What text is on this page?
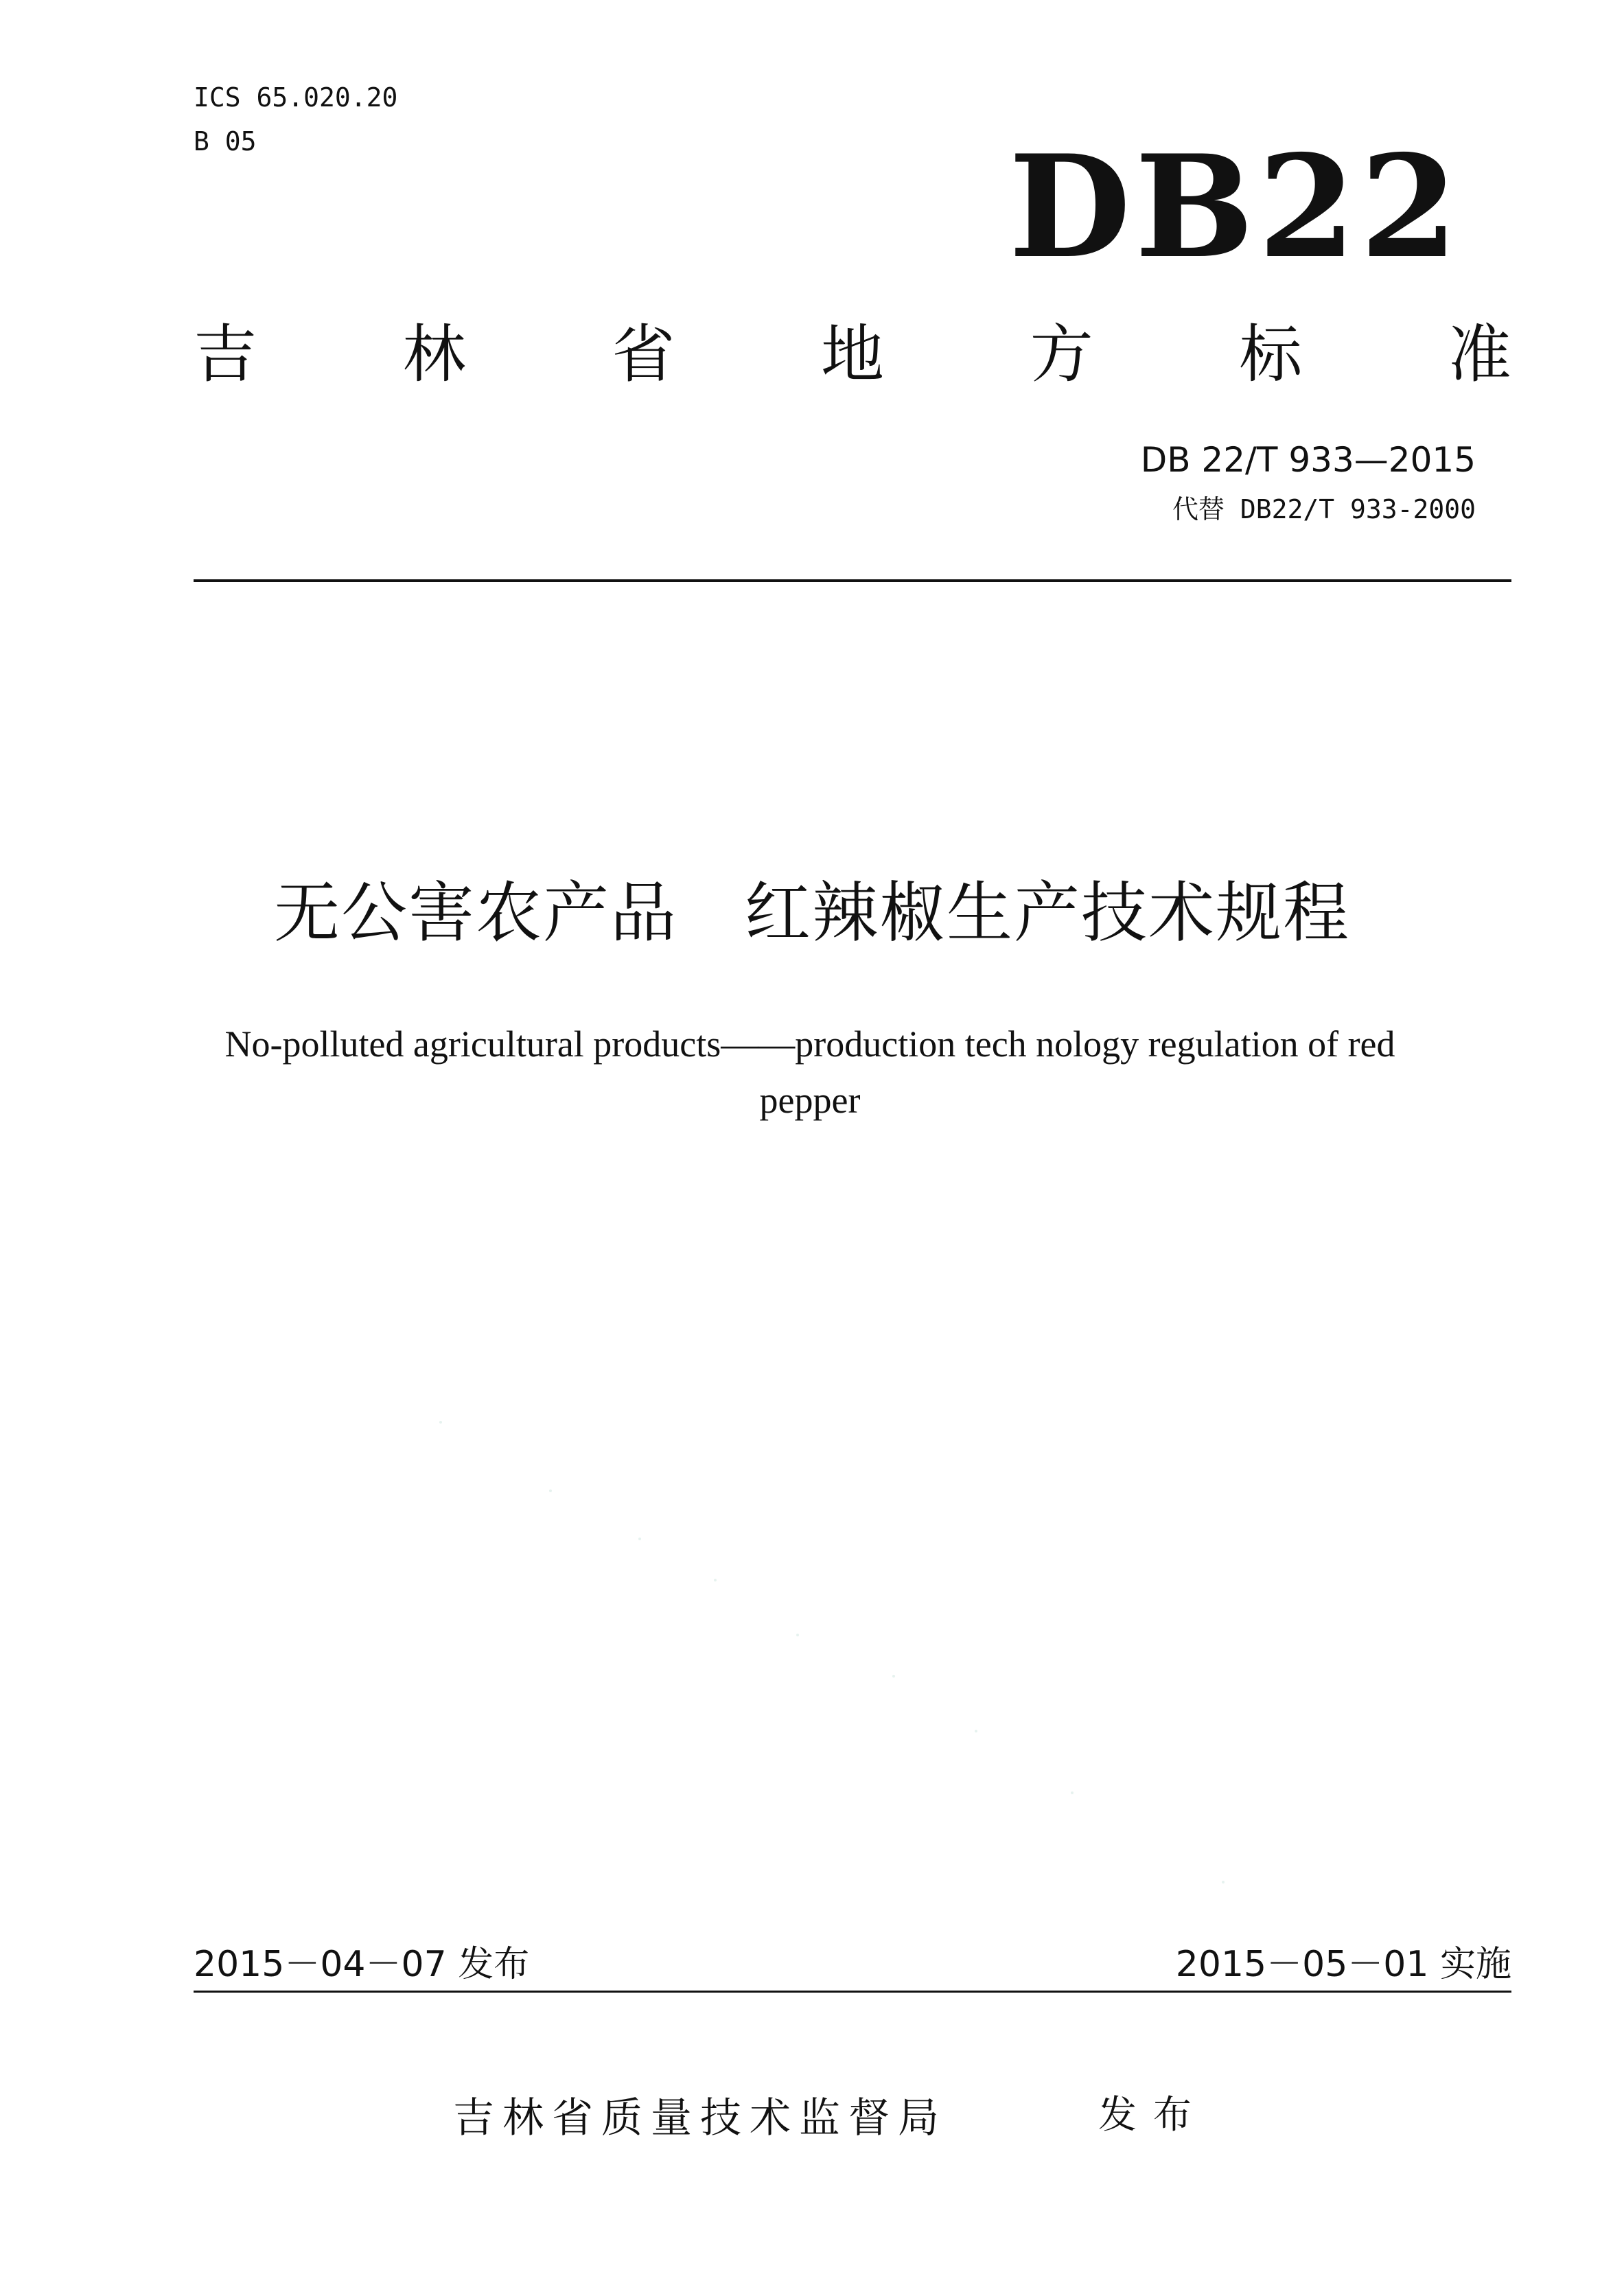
ICS 65.020.20
B 05	DB22
吉 林 省 地 方 标 准
DB 22/T 933—2015
代替 DB22/T 933-2000
无公害农产品　红辣椒生产技术规程
No-polluted agricultural products——production tech nology regulation of red pepper
2015－04－07 发布	2015－05－01 实施
吉林省质量技术监督局	发布
